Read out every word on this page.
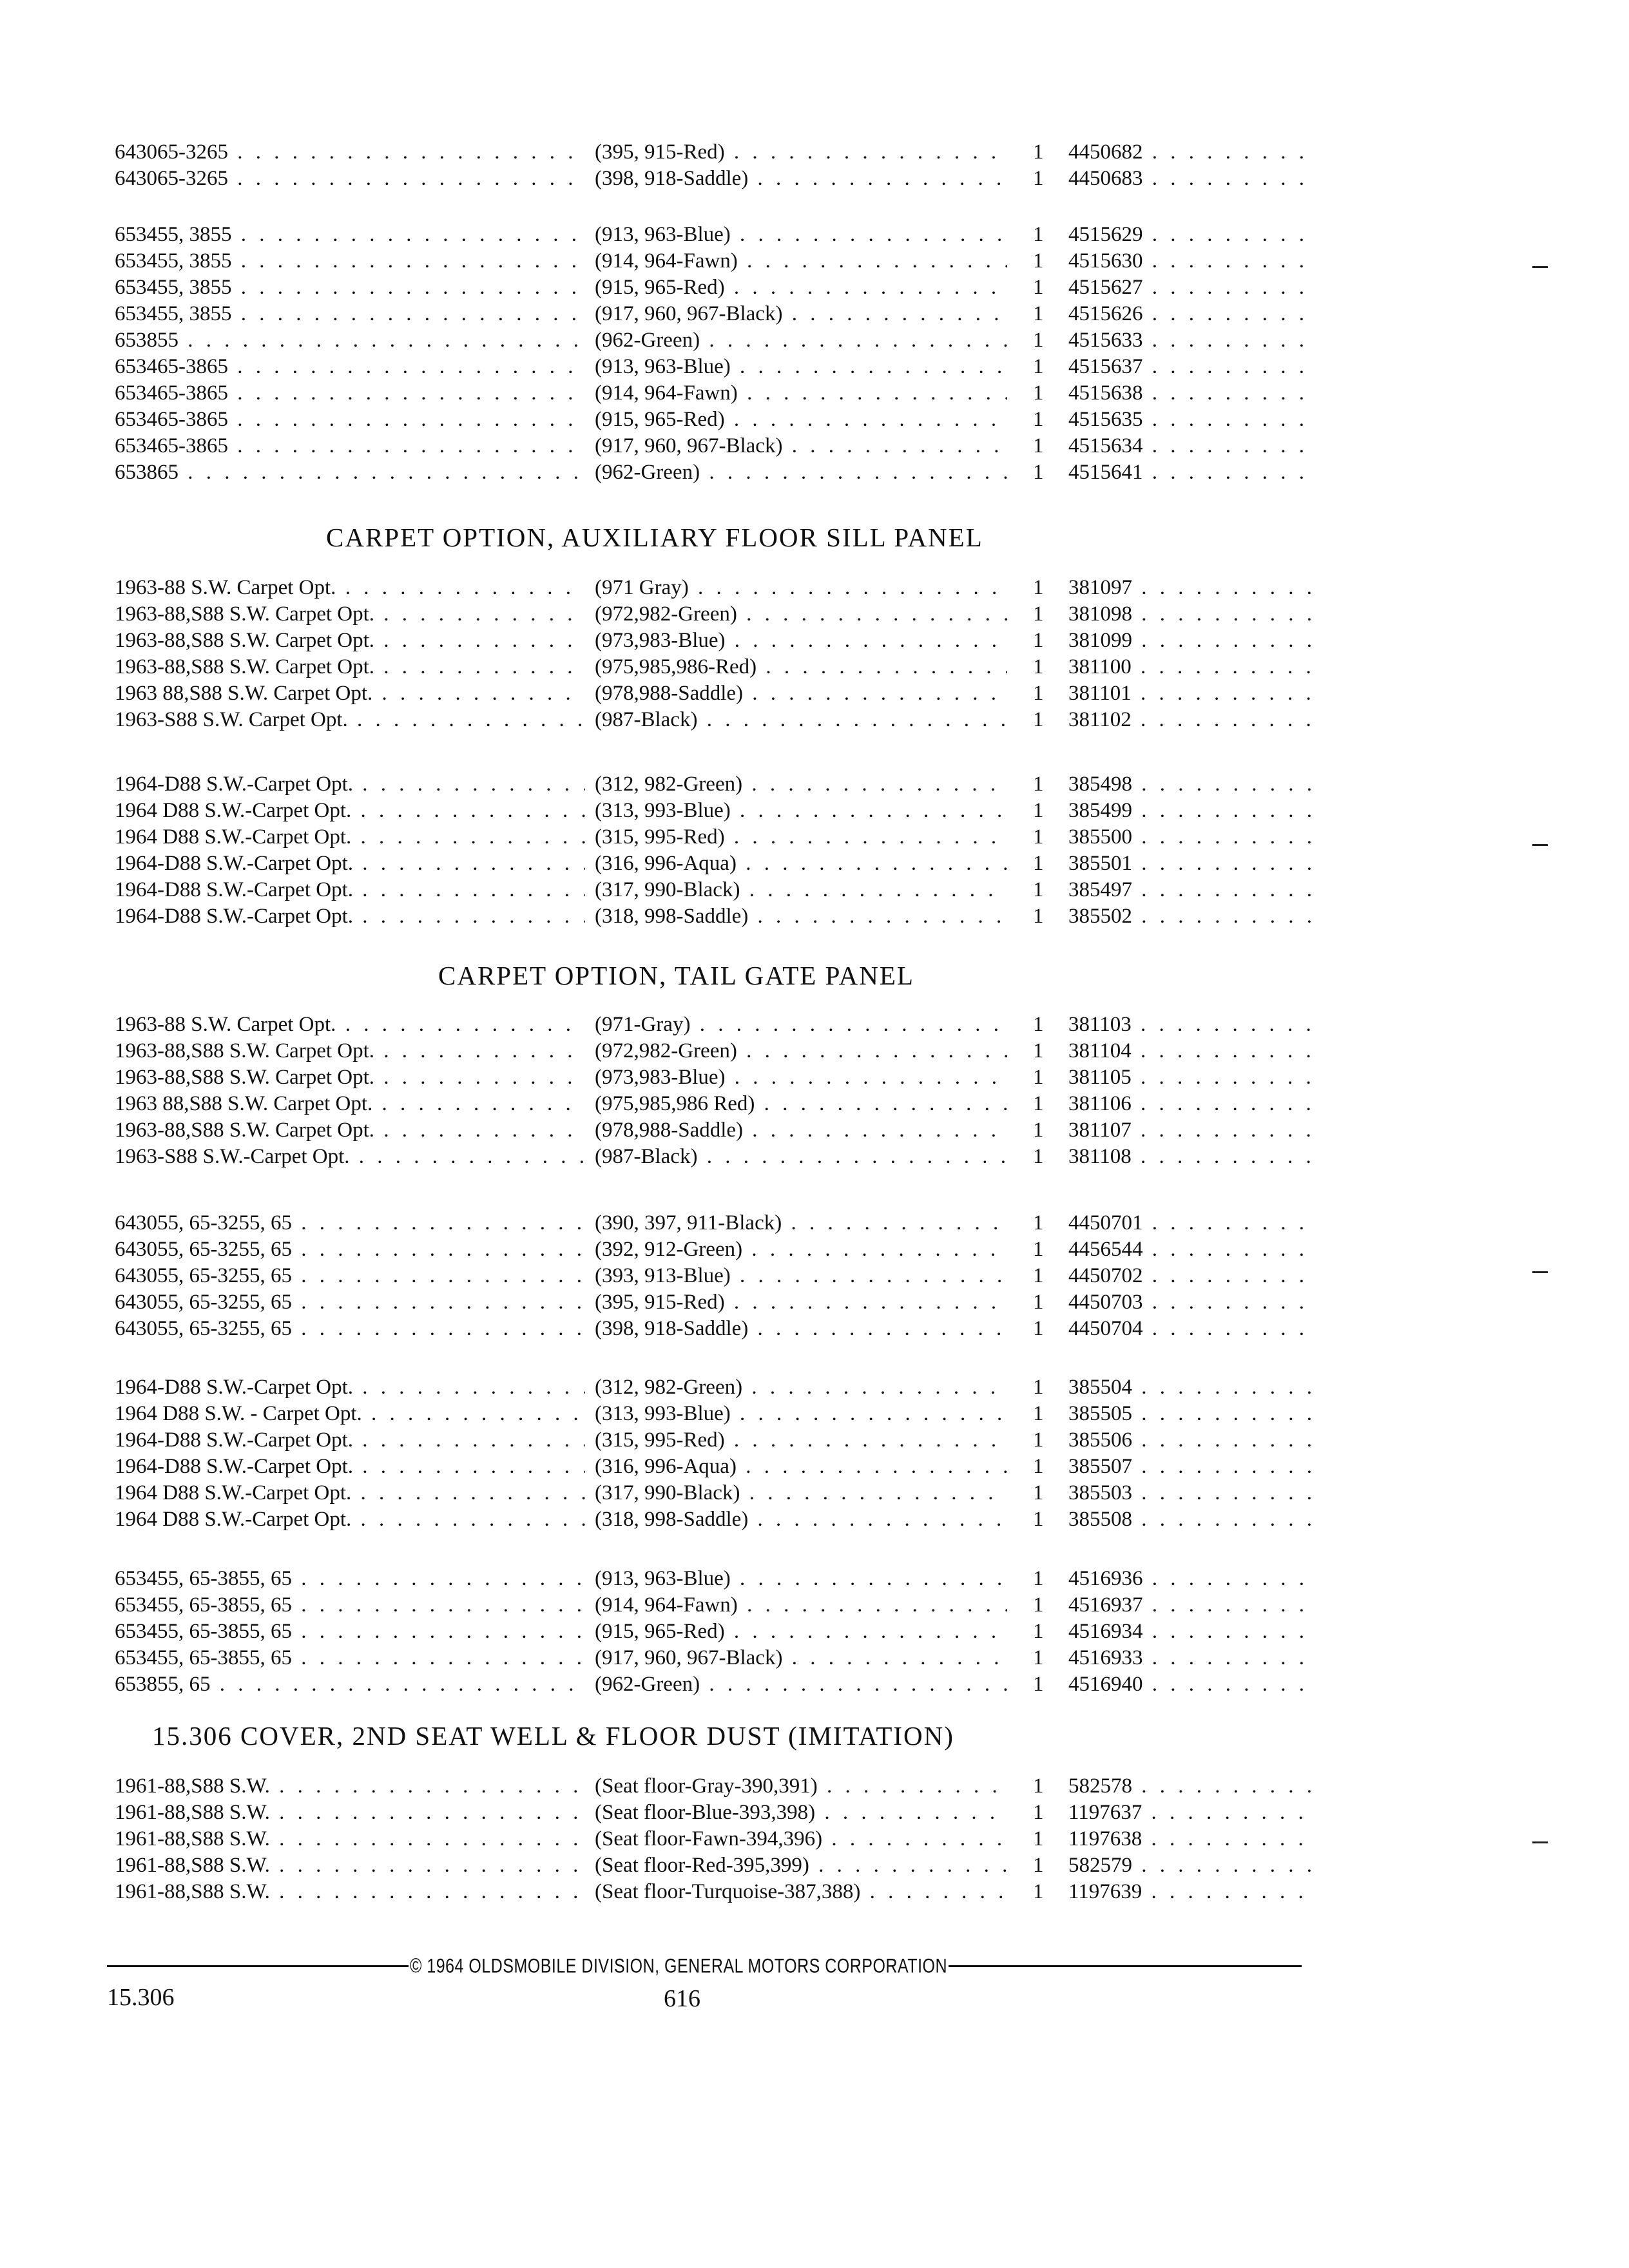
643065-3265 . . .	(395, 915-Red) . . .	1	4450682 . . .
643065-3265 . . .	(398, 918-Saddle) . . .	1	4450683 . . .
653455, 3855 . . .	(913, 963-Blue) . . .	1	4515629 . . .
653455, 3855 . . .	(914, 964-Fawn) . . .	1	4515630 . . .
653455, 3855 . . .	(915, 965-Red) . . .	1	4515627 . . .
653455, 3855 . . .	(917, 960, 967-Black) . . .	1	4515626 . . .
653855 . . .	(962-Green) . . .	1	4515633 . . .
653465-3865 . . .	(913, 963-Blue) . . .	1	4515637 . . .
653465-3865 . . .	(914, 964-Fawn) . . .	1	4515638 . . .
653465-3865 . . .	(915, 965-Red) . . .	1	4515635 . . .
653465-3865 . . .	(917, 960, 967-Black) . . .	1	4515634 . . .
653865 . . .	(962-Green) . . .	1	4515641 . . .
CARPET OPTION, AUXILIARY FLOOR SILL PANEL
1963-88 S.W. Carpet Opt. . . .	(971 Gray) . . .	1	381097 . . .
1963-88,S88 S.W. Carpet Opt. . . .	(972,982-Green) . . .	1	381098 . . .
1963-88,S88 S.W. Carpet Opt. . . .	(973,983-Blue) . . .	1	381099 . . .
1963-88,S88 S.W. Carpet Opt. . . .	(975,985,986-Red) . . .	1	381100 . . .
1963 88,S88 S.W. Carpet Opt. . . .	(978,988-Saddle) . . .	1	381101 . . .
1963-S88 S.W. Carpet Opt. . . .	(987-Black) . . .	1	381102 . . .
1964-D88 S.W.-Carpet Opt. . . .	(312, 982-Green) . . .	1	385498 . . .
1964 D88 S.W.-Carpet Opt. . . .	(313, 993-Blue) . . .	1	385499 . . .
1964 D88 S.W.-Carpet Opt. . . .	(315, 995-Red) . . .	1	385500 . . .
1964-D88 S.W.-Carpet Opt. . . .	(316, 996-Aqua) . . .	1	385501 . . .
1964-D88 S.W.-Carpet Opt. . . .	(317, 990-Black) . . .	1	385497 . . .
1964-D88 S.W.-Carpet Opt. . . .	(318, 998-Saddle) . . .	1	385502 . . .
CARPET OPTION, TAIL GATE PANEL
1963-88 S.W. Carpet Opt. . . .	(971-Gray) . . .	1	381103 . . .
1963-88,S88 S.W. Carpet Opt. . . .	(972,982-Green) . . .	1	381104 . . .
1963-88,S88 S.W. Carpet Opt. . . .	(973,983-Blue) . . .	1	381105 . . .
1963 88,S88 S.W. Carpet Opt. . . .	(975,985,986 Red) . . .	1	381106 . . .
1963-88,S88 S.W. Carpet Opt. . . .	(978,988-Saddle) . . .	1	381107 . . .
1963-S88 S.W.-Carpet Opt. . . .	(987-Black) . . .	1	381108 . . .
643055, 65-3255, 65 . . .	(390, 397, 911-Black) . . .	1	4450701 . . .
643055, 65-3255, 65 . . .	(392, 912-Green) . . .	1	4456544 . . .
643055, 65-3255, 65 . . .	(393, 913-Blue) . . .	1	4450702 . . .
643055, 65-3255, 65 . . .	(395, 915-Red) . . .	1	4450703 . . .
643055, 65-3255, 65 . . .	(398, 918-Saddle) . . .	1	4450704 . . .
1964-D88 S.W.-Carpet Opt. . . .	(312, 982-Green) . . .	1	385504 . . .
1964 D88 S.W. - Carpet Opt. . . .	(313, 993-Blue) . . .	1	385505 . . .
1964-D88 S.W.-Carpet Opt. . . .	(315, 995-Red) . . .	1	385506 . . .
1964-D88 S.W.-Carpet Opt. . . .	(316, 996-Aqua) . . .	1	385507 . . .
1964 D88 S.W.-Carpet Opt. . . .	(317, 990-Black) . . .	1	385503 . . .
1964 D88 S.W.-Carpet Opt. . . .	(318, 998-Saddle) . . .	1	385508 . . .
653455, 65-3855, 65 . . .	(913, 963-Blue) . . .	1	4516936 . . .
653455, 65-3855, 65 . . .	(914, 964-Fawn) . . .	1	4516937 . . .
653455, 65-3855, 65 . . .	(915, 965-Red) . . .	1	4516934 . . .
653455, 65-3855, 65 . . .	(917, 960, 967-Black) . . .	1	4516933 . . .
653855, 65 . . .	(962-Green) . . .	1	4516940 . . .
15.306 COVER, 2ND SEAT WELL & FLOOR DUST (IMITATION)
1961-88,S88 S.W. . . .	(Seat floor-Gray-390,391) . . .	1	582578 . . .
1961-88,S88 S.W. . . .	(Seat floor-Blue-393,398) . . .	1	1197637 . . .
1961-88,S88 S.W. . . .	(Seat floor-Fawn-394,396) . . .	1	1197638 . . .
1961-88,S88 S.W. . . .	(Seat floor-Red-395,399) . . .	1	582579 . . .
1961-88,S88 S.W. . . .	(Seat floor-Turquoise-387,388) . . .	1	1197639 . . .
© 1964 OLDSMOBILE DIVISION, GENERAL MOTORS CORPORATION
15.306	616
